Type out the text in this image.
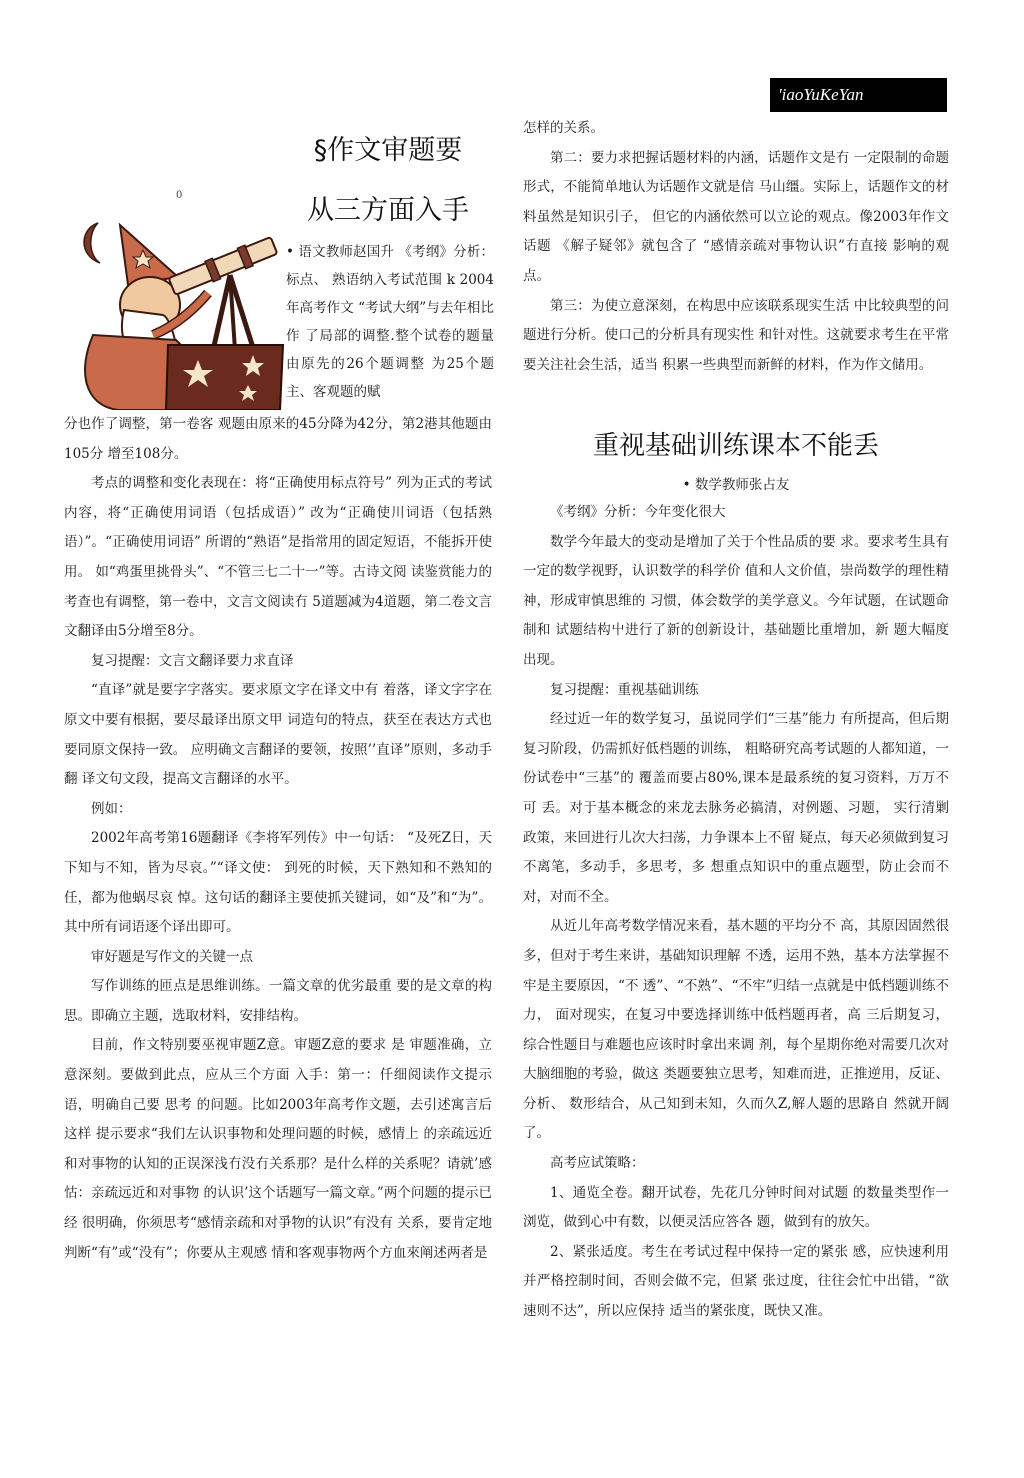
'iaoYuKeYan
§作文审题要
从三方面入手
0

• 语文教师赵国升 《考纲》分析：标点、 熟语纳入考试范围 k 2004年高考作文 “考试大纲”与去年相比作 了局部的调整.整个试卷的题量由原先的26个题调整 为25个题主、客观题的赋

分也作了调整，第一卷客 观题由原来的45分降为42分，第2港其他题由105分 增至108分。

考点的调整和变化表现在：将“正确使用标点符号” 列为正式的考试内容，将“正确使用词语（包括成语）” 改为“正确使川词语（包括熟语）”。“正确使用词语” 所谓的“熟语”是指常用的固定短语，不能拆开使用。 如“鸡蛋里挑骨头”、“不管三七二十一”等。古诗文阅 读鉴赏能力的考查也有调整，第一卷中，文言文阅读冇 5道题减为4道题，第二卷文言文翻译由5分增至8分。

复习提醒：文言文翻译要力求直译

“直译”就是要字字落实。要求原文字在译文中有 着落，译文字字在原文中要有根据，要尽最译出原文甲 词造句的特点，获至在表达方式也要同原文保持一致。 应明确文言翻译的要领，按照’’直译”原则，多动手翻 译文句文段，提高文言翻译的水平。

例如：

2002年高考第16题翻译《李将军列传》中一句话： “及死Z日，天下知与不知，皆为尽哀。”“译文使： 到死的时候，天下熟知和不熟知的任，都为他蜗尽哀 悼。这句话的翻译主要使抓关键词，如“及”和“为”。 其中所有词语逐个译出即可。

审好题是写作文的关键一点

写作训练的匝点是思维训练。一篇文章的优劣最重 要的是文章的构思。即确立主题，选取材料，安排结构。

目前，作文特别要巫视审题Z意。审题Z意的要求 是 审题准确，立意深刻。要做到此点，应从三个方面 入手：第一：仟细阅读作文提示语，明确自己要 思考 的问题。比如2003年高考作文题，去引述寓言后这样 提示要求“我们左认识事物和处理问题的时候，感情上 的亲疏远近和对事物的认知的正误深浅冇没冇关系那？是什么样的关系呢？请就’感怙：亲疏远近和对事物 的认识’这个话题写一篇文章。”两个问题的提示已经 很明确，你须思考“感情亲疏和对爭物的认识”有没有 关系，要肯定地判断“有”或“没有”；你要从主观感 情和客观事物两个方血來阐述两者是

怎样的关系。

第二：要力求把握话题材料的内涵，话题作文是冇 一定限制的命题形式，不能简单地认为话题作文就是信 马山缰。实际上，话题作文的材料虽然是知识引子， 但它的内涵依然可以立论的观点。像2003年作文话题 《解子疑邻》就包含了 “感情亲疏对事物认识”冇直接 影响的观点。

第三：为使立意深刻，在构思中应该联系现实生活 中比较典型的问题进行分析。使口己的分析具有现实性 和针对性。这就要求考生在平常要关注社会生活，适当 积累一些典型而新鲜的材料，作为作文储用。

重视基础训练课本不能丢
• 数学教师张占友

《考纲》分析：今年变化很大

数学今年最大的变动是增加了关于个性品质的要 求。要求考生具有一定的数学视野，认识数学的科学价 值和人文价值，崇尚数学的理性精神，形成审慎思维的 习惯，体会数学的美学意义。今年试题，在试题命制和 试题结构屮进行了新的创新设计，基础题比重增加，新 题大幅度出现。

复习提醒：重视基础训练

经过近一年的数学复习，虽说同学们“三基”能力 有所提高，但后期复习阶段，仍需抓好低档题的训练， 粗略研究高考试题的人都知道，一份试卷中“三基”的 覆盖而要占80%,课本是最系统的复习资料，万万不可 丢。对于基本概念的来龙去脉务必搞清，对例题、习题， 实行清剿政策，来回进行儿次大扫荡，力争课本上不留 疑点，每天必须做到复习不离笔，多动手，多思考，多 想重点知识中的重点题型，防止会而不对，对而不全。

从近儿年高考数学情况来看，基木题的平均分不 高，其原因固然很多，但对于考生来讲，基础知识理解 不透，运用不熟，基本方法掌握不牢是主要原因，“不 透”、“不熟”、“不牢”归结一点就是中低档题训练不力， 面对现实，在复习中要选择训练中低档题再者，高 三后期复习，综合性题目与难题也应该时时拿出来调 剂，每个星期你绝对需要几次对大脑细胞的考验，做这 类题要独立思考，知难而进，正推逆用，反证、分析、 数形结合，从己知到未知，久而久Z,解人题的思路自 然就开阔了。

高考应试策略：

1、通览全卷。翻开试卷，先花几分钟时间对试题 的数量类型作一浏览，做到心中有数，以便灵活应答各 题，做到有的放矢。

2、紧张适度。考生在考试过程中保持一定的紧张 感，应快速利用并严格控制时间，否则会做不完，但紧 张过度，往往会忙中出错，“欲速则不达”，所以应保持 适当的紧张度，既快又准。
